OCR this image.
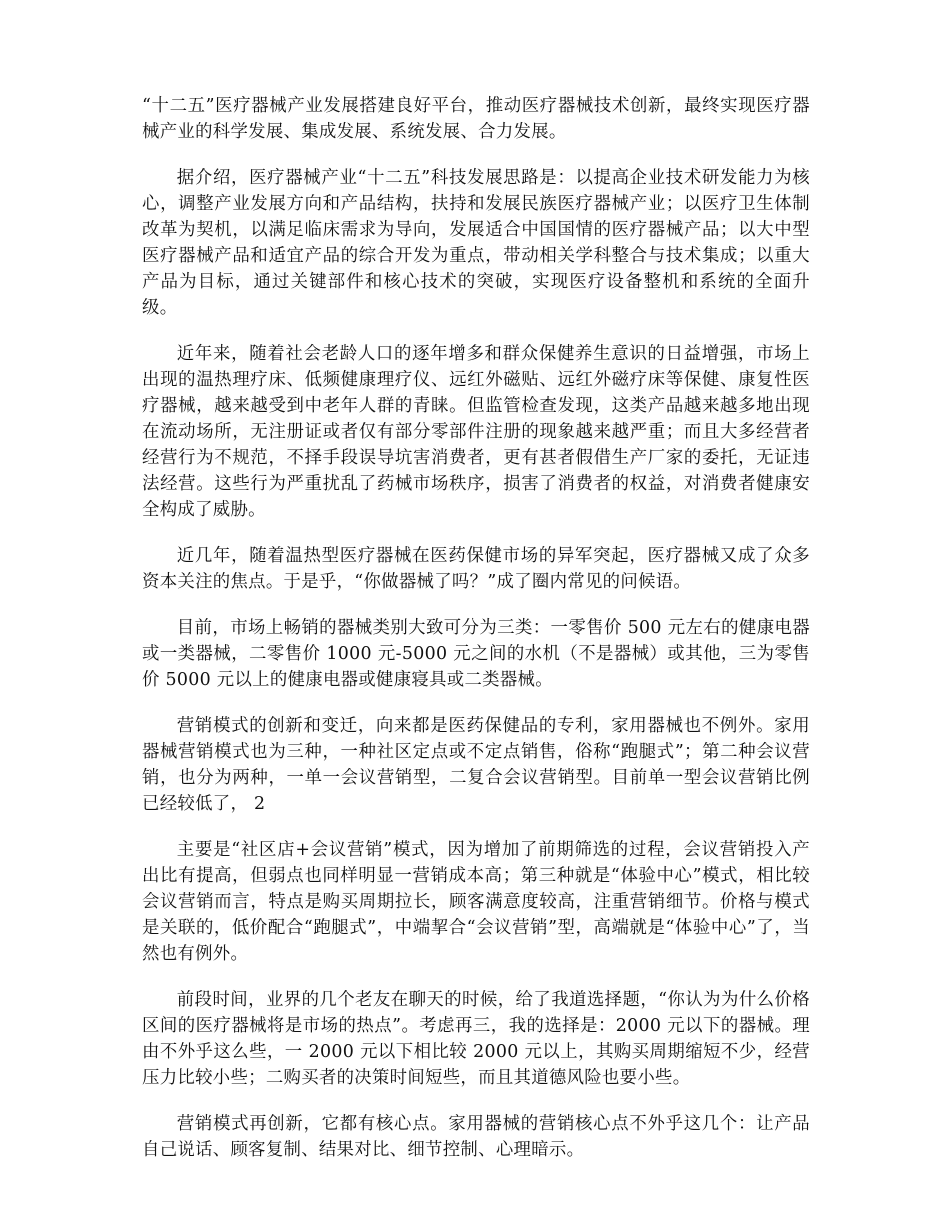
“十二五”医疗器械产业发展搭建良好平台，推动医疗器械技术创新，最终实现医疗器械产业的科学发展、集成发展、系统发展、合力发展。

据介绍，医疗器械产业“十二五”科技发展思路是：以提高企业技术研发能力为核心，调整产业发展方向和产品结构，扶持和发展民族医疗器械产业；以医疗卫生体制改革为契机，以满足临床需求为导向，发展适合中国国情的医疗器械产品；以大中型医疗器械产品和适宜产品的综合开发为重点，带动相关学科整合与技术集成；以重大产品为目标，通过关键部件和核心技术的突破，实现医疗设备整机和系统的全面升级。

近年来，随着社会老龄人口的逐年增多和群众保健养生意识的日益增强，市场上出现的温热理疗床、低频健康理疗仪、远红外磁贴、远红外磁疗床等保健、康复性医疗器械，越来越受到中老年人群的青睐。但监管检查发现，这类产品越来越多地出现在流动场所，无注册证或者仅有部分零部件注册的现象越来越严重；而且大多经营者经营行为不规范，不择手段误导坑害消费者，更有甚者假借生产厂家的委托，无证违法经营。这些行为严重扰乱了药械市场秩序，损害了消费者的权益，对消费者健康安全构成了威胁。

近几年，随着温热型医疗器械在医药保健市场的异军突起，医疗器械又成了众多资本关注的焦点。于是乎，“你做器械了吗？”成了圈内常见的问候语。

目前，市场上畅销的器械类别大致可分为三类：一零售价 500 元左右的健康电器或一类器械，二零售价 1000 元-5000 元之间的水机（不是器械）或其他，三为零售价 5000 元以上的健康电器或健康寝具或二类器械。

营销模式的创新和变迁，向来都是医药保健品的专利，家用器械也不例外。家用器械营销模式也为三种，一种社区定点或不定点销售，俗称“跑腿式”；第二种会议营销，也分为两种，一单一会议营销型，二复合会议营销型。目前单一型会议营销比例已经较低了， 2

主要是“社区店+会议营销”模式，因为增加了前期筛选的过程，会议营销投入产出比有提高，但弱点也同样明显一营销成本高；第三种就是“体验中心”模式，相比较会议营销而言，特点是购买周期拉长，顾客满意度较高，注重营销细节。价格与模式是关联的，低价配合“跑腿式”，中端挈合“会议营销”型，高端就是“体验中心”了，当然也有例外。

前段时间，业界的几个老友在聊天的时候，给了我道选择题，“你认为为什么价格区间的医疗器械将是市场的热点”。考虑再三，我的选择是：2000 元以下的器械。理由不外乎这么些，一 2000 元以下相比较 2000 元以上，其购买周期缩短不少，经营压力比较小些；二购买者的决策时间短些，而且其道德风险也要小些。

营销模式再创新，它都有核心点。家用器械的营销核心点不外乎这几个：让产品自己说话、顾客复制、结果对比、细节控制、心理暗示。
